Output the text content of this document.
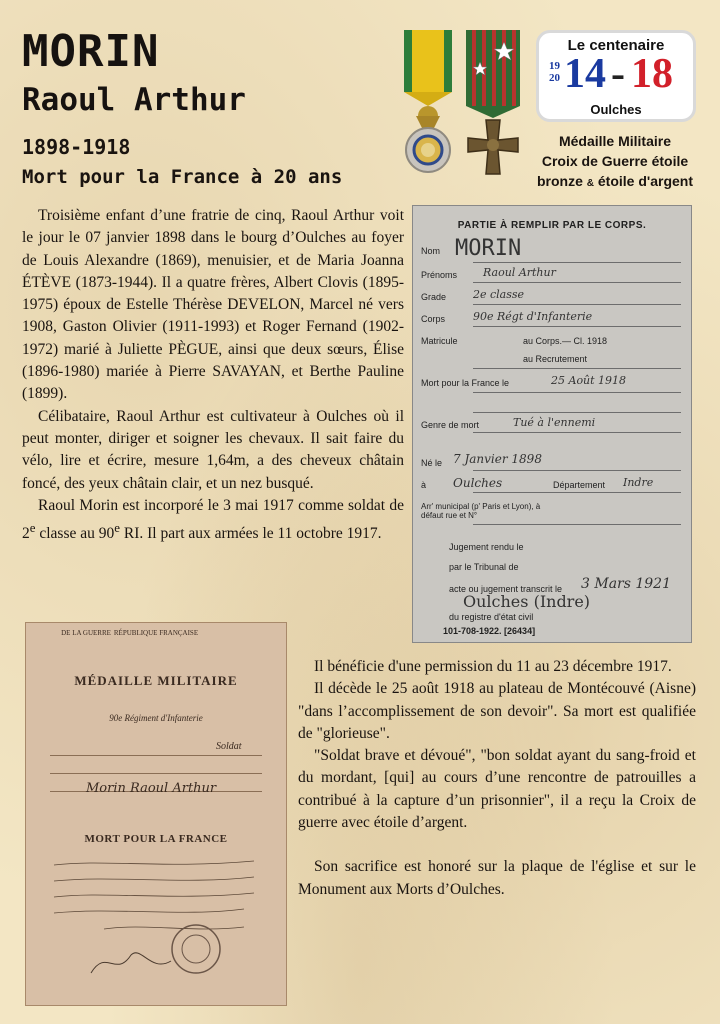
MORIN
Raoul Arthur
1898-1918
Mort pour la France à 20 ans
Le centenaire
19
20 14 - 18
Oulches
Médaille Militaire
Croix de Guerre étoile
bronze & étoile d'argent

Troisième enfant d’une fratrie de cinq, Raoul Arthur voit le jour le 07 janvier 1898 dans le bourg d’Oulches au foyer de Louis Alexandre (1869), menuisier, et de Maria Joanna ÉTÈVE (1873-1944). Il a quatre frères, Albert Clovis (1895-1975) époux de Estelle Thérèse DEVELON, Marcel né vers 1908, Gaston Olivier (1911-1993) et Roger Fernand (1902-1972) marié à Juliette PÈGUE, ainsi que deux sœurs, Élise (1896-1980) mariée à Pierre SAVAYAN, et Berthe Pauline (1899).

Célibataire, Raoul Arthur est cultivateur à Oulches où il peut monter, diriger et soigner les chevaux. Il sait faire du vélo, lire et écrire, mesure 1,64m, a des cheveux châtain foncé, des yeux châtain clair, et un nez busqué.

Raoul Morin est incorporé le 3 mai 1917 comme soldat de 2e classe au 90e RI. Il part aux armées le 11 octobre 1917.

PARTIE À REMPLIR PAR LE CORPS.
Nom MORIN
Prénoms Raoul Arthur
Grade 2e classe
Corps	90e Régt d'Infanterie
Matricule	au Corps.— Cl. 1918
au Recrutement
Mort pour la France le	25 Août 1918
Genre de mort	Tué à l'ennemi
Né le 7 Janvier 1898
à Oulches	Département Indre
Arr' municipal (p' Paris et Lyon), à défaut rue et N°
Jugement rendu le
par le Tribunal de
acte ou jugement transcrit le 3 Mars 1921
Oulches (Indre)
du registre d'état civil
101-708-1922. [26434]
DE LA GUERRE RÉPUBLIQUE FRANÇAISE
MÉDAILLE MILITAIRE
90e Régiment d'Infanterie
Soldat
Morin Raoul Arthur
MORT POUR LA FRANCE

Il bénéficie d'une permission du 11 au 23 décembre 1917.

Il décède le 25 août 1918 au plateau de Montécouvé (Aisne) "dans l’accomplissement de son devoir". Sa mort est qualifiée de "glorieuse".

"Soldat brave et dévoué", "bon soldat ayant du sang-froid et du mordant, [qui] au cours d’une rencontre de patrouilles a contribué à la capture d’un prisonnier", il a reçu la Croix de guerre avec étoile d’argent.

Son sacrifice est honoré sur la plaque de l'église et sur le Monument aux Morts d’Oulches.
